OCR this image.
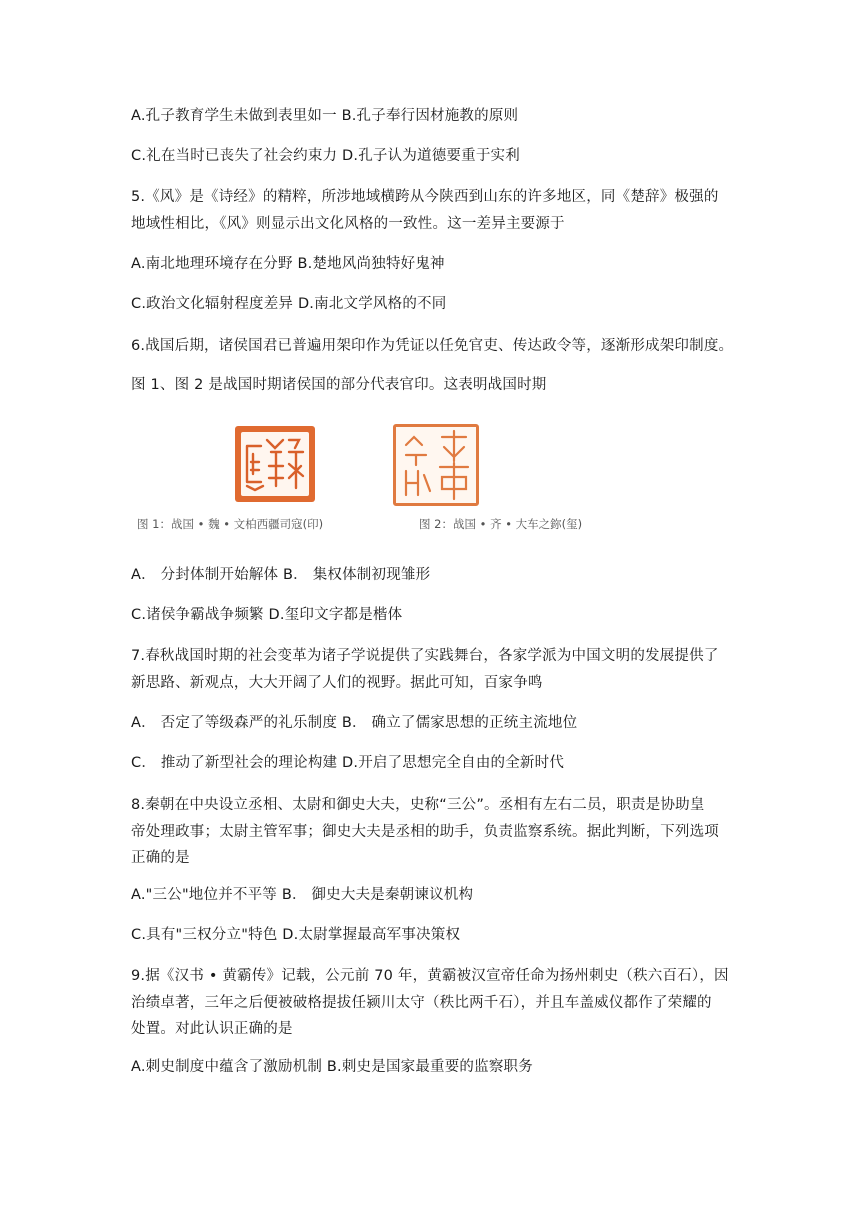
A.孔子教育学生未做到表里如一 B.孔子奉行因材施教的原则
C.礼在当时已丧失了社会约束力 D.孔子认为道德要重于实利
5.《风》是《诗经》的精粹，所涉地域横跨从今陕西到山东的许多地区，同《楚辞》极强的
地域性相比，《风》则显示出文化风格的一致性。这一差异主要源于
A.南北地理环境存在分野 B.楚地风尚独特好鬼神
C.政治文化辐射程度差异 D.南北文学风格的不同
6.战国后期，诸侯国君已普遍用架印作为凭证以任免官吏、传达政令等，逐渐形成架印制度。
图 1、图 2 是战国时期诸侯国的部分代表官印。这表明战国时期
图 1：战国 • 魏 • 文柏西疆司寇(印)	图 2：战国 • 齐 • 大车之鉨(玺)
A． 分封体制开始解体 B． 集权体制初现雏形
C.诸侯争霸战争频繁 D.玺印文字都是楷体
7.春秋战国时期的社会变革为诸子学说提供了实践舞台，各家学派为中国文明的发展提供了
新思路、新观点，大大开阔了人们的视野。据此可知，百家争鸣
A． 否定了等级森严的礼乐制度 B． 确立了儒家思想的正统主流地位
C． 推动了新型社会的理论构建 D.开启了思想完全自由的全新时代
8.秦朝在中央设立丞相、太尉和御史大夫，史称“三公”。丞相有左右二员，职责是协助皇
帝处理政事；太尉主管军事；御史大夫是丞相的助手，负责监察系统。据此判断，下列选项
正确的是
A."三公"地位并不平等 B． 御史大夫是秦朝谏议机构
C.具有"三权分立"特色 D.太尉掌握最高军事决策权
9.据《汉书 • 黄霸传》记载，公元前 70 年，黄霸被汉宣帝任命为扬州刺史（秩六百石），因
治绩卓著，三年之后便被破格提拔任颍川太守（秩比两千石），并且车盖威仪都作了荣耀的
处置。对此认识正确的是
A.刺史制度中蕴含了激励机制 B.刺史是国家最重要的监察职务
